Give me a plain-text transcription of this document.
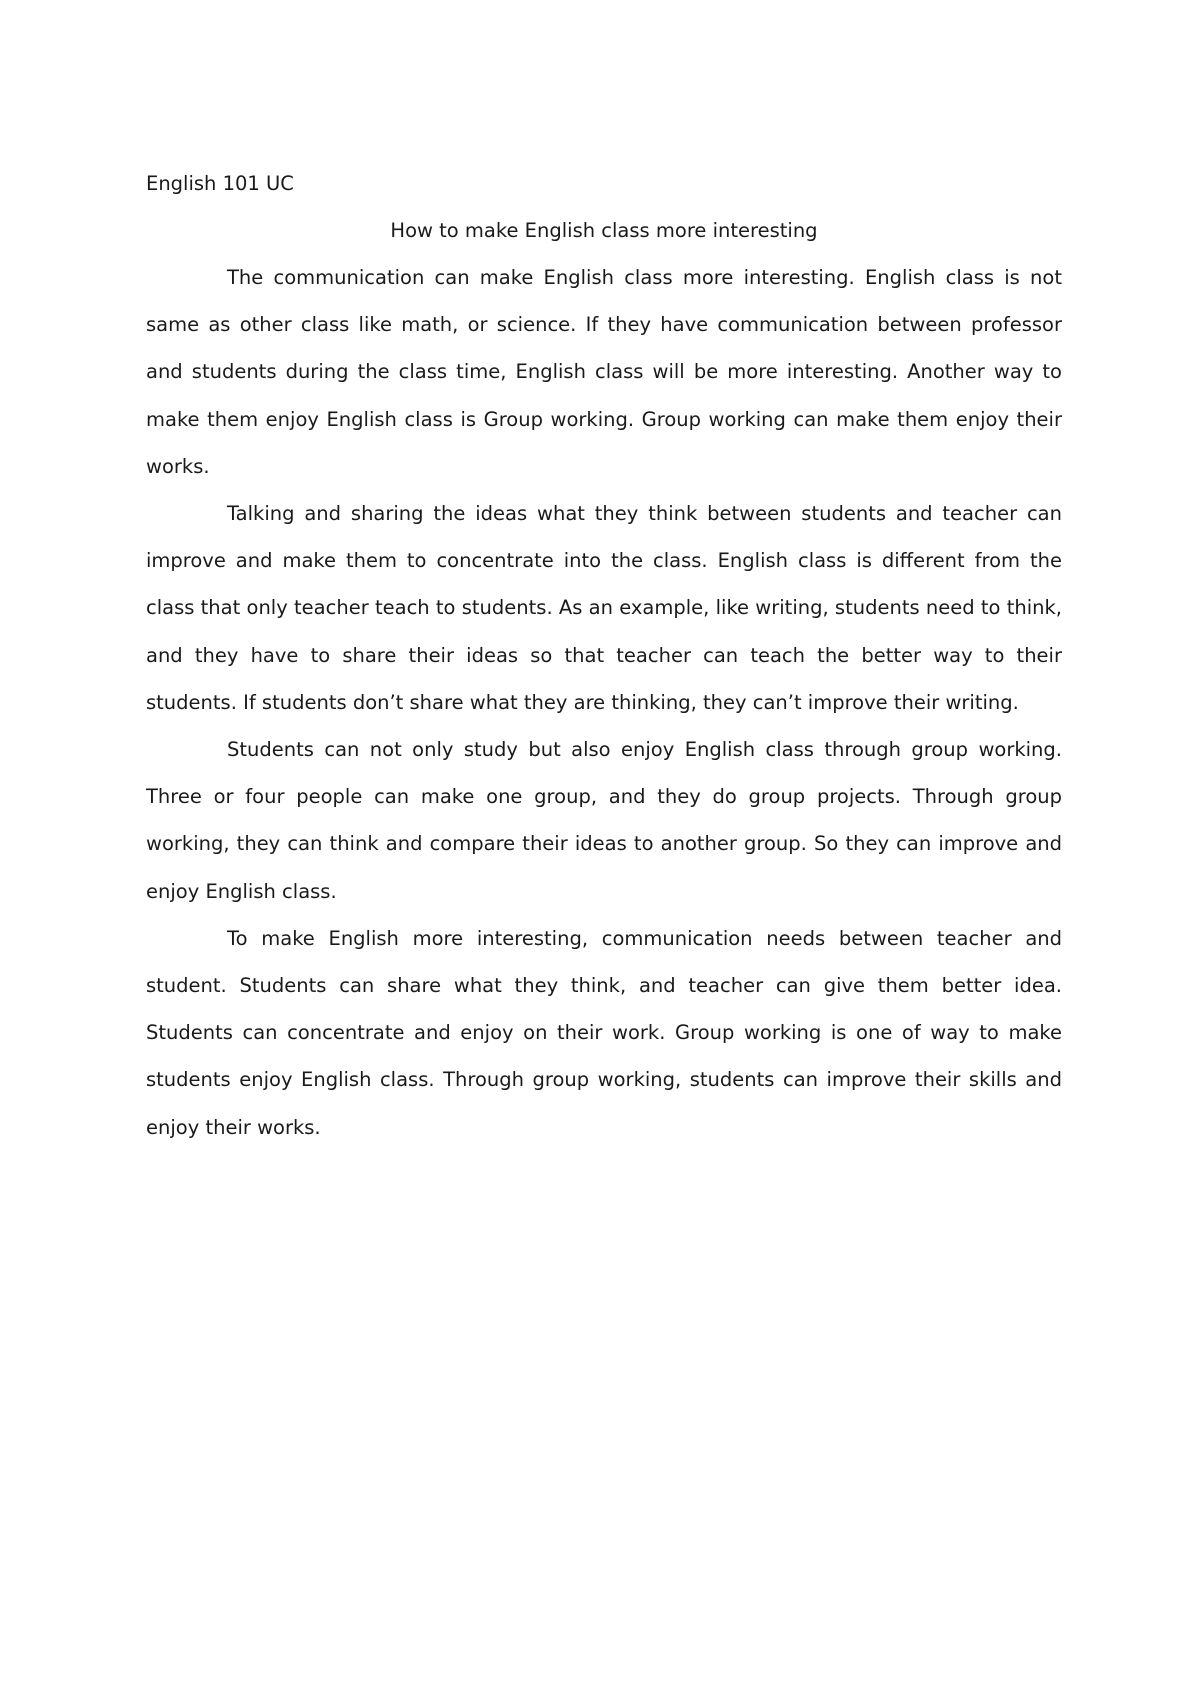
English 101 UC

How to make English class more interesting

The communication can make English class more interesting. English class is not same as other class like math, or science. If they have communication between professor and students during the class time, English class will be more interesting. Another way to make them enjoy English class is Group working. Group working can make them enjoy their works.

Talking and sharing the ideas what they think between students and teacher can improve and make them to concentrate into the class. English class is different from the class that only teacher teach to students. As an example, like writing, students need to think, and they have to share their ideas so that teacher can teach the better way to their students. If students don’t share what they are thinking, they can’t improve their writing.

Students can not only study but also enjoy English class through group working. Three or four people can make one group, and they do group projects. Through group working, they can think and compare their ideas to another group. So they can improve and enjoy English class.

To make English more interesting, communication needs between teacher and student. Students can share what they think, and teacher can give them better idea. Students can concentrate and enjoy on their work. Group working is one of way to make students enjoy English class. Through group working, students can improve their skills and enjoy their works.
